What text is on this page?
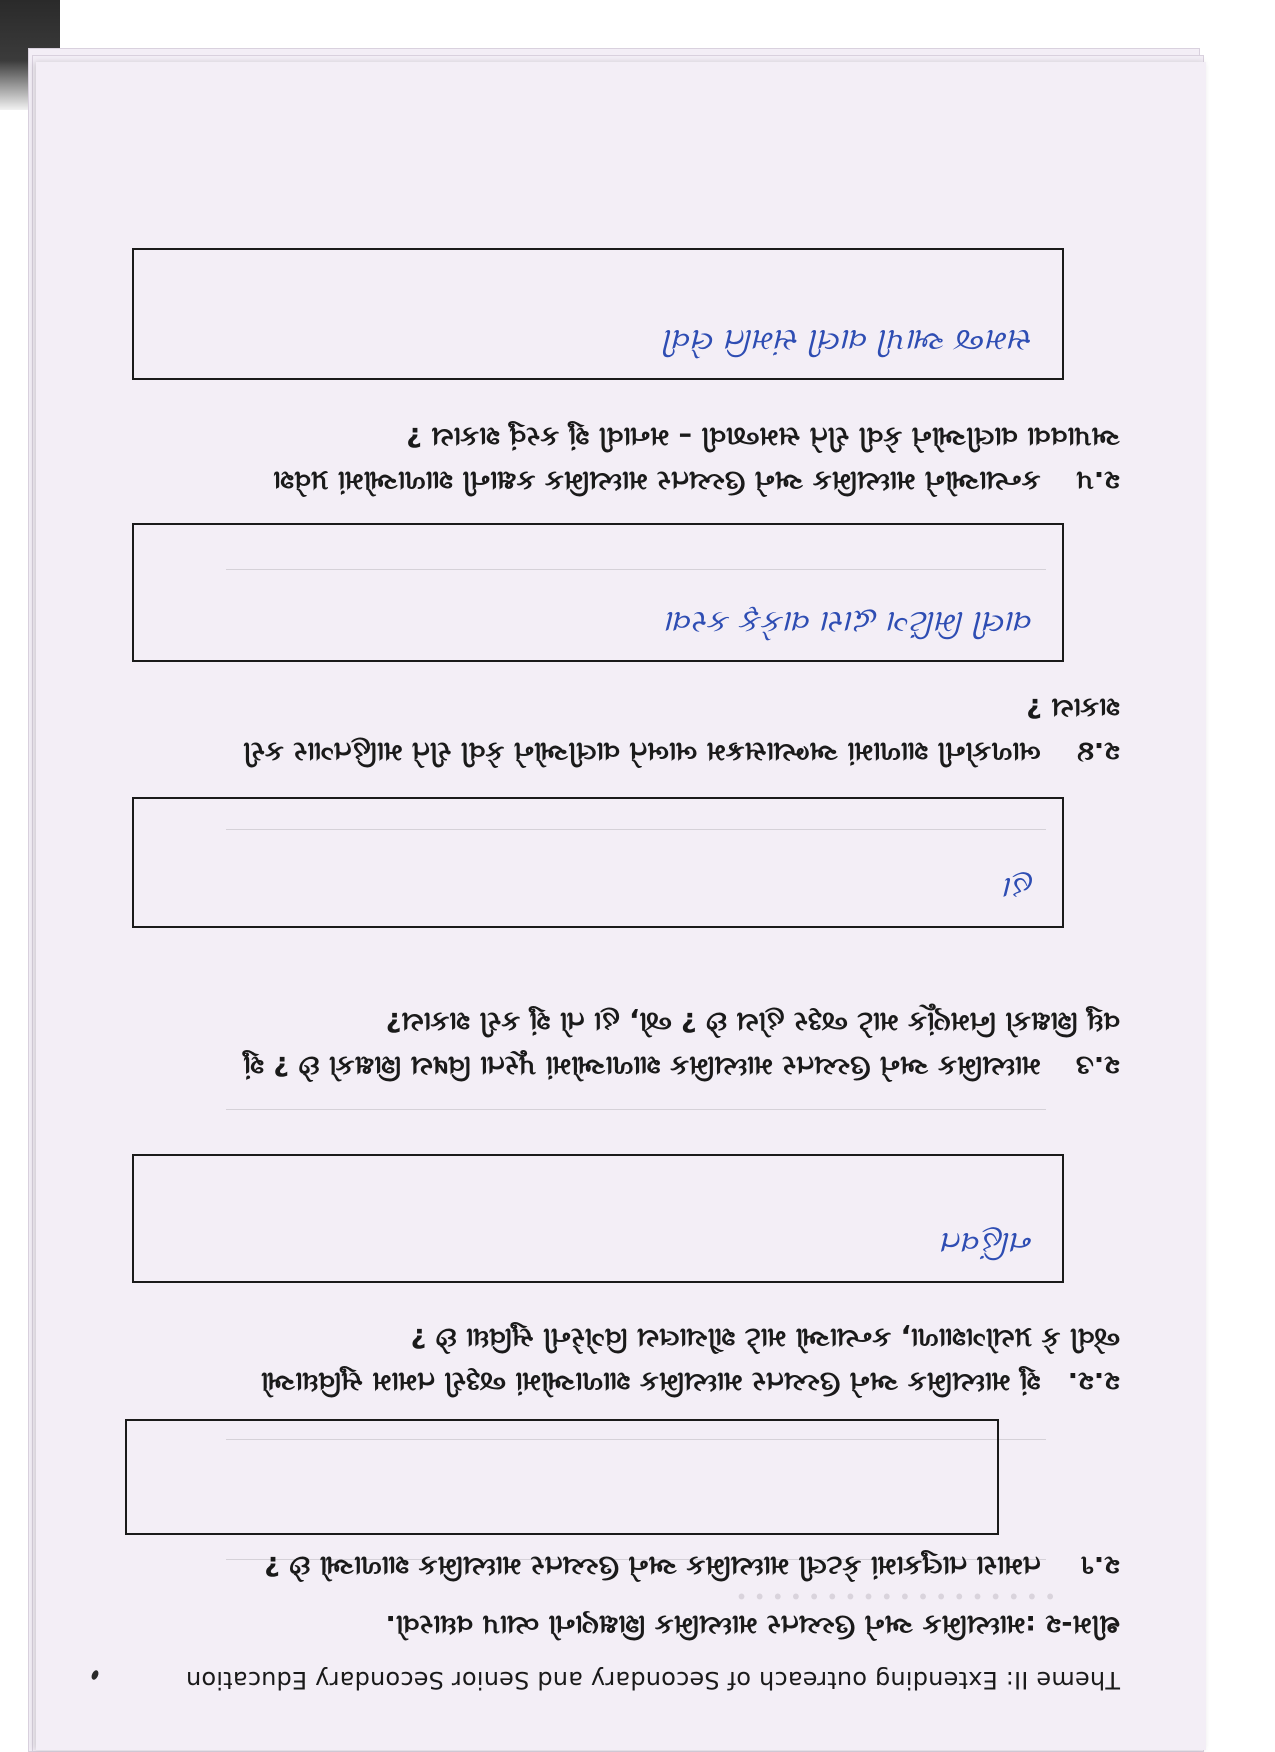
• • • • • • • • • • • • • • • • • •
Theme II: Extending outreach of Secondary and Senior Secondary Education
થીમ-૨ :માધ્યમિક અને ઉચ્ચતર માધ્યમિક શિક્ષણનો વ્યાપ વધારવો.
૨.૧ તમારા તાલુકામાં કેટલી માધ્યમિક અને ઉચ્ચતર માધ્યમિક શાળાઓ છે ?
૨.૨. શું માધ્યમિક અને ઉચ્ચતર માધ્યમિક શાળાઓમાં જરૂરી તમામ સુવિધાઓ જેવી કે પ્રયોગશાળા, કન્યાઓ માટે શૌચાલય વિગેરેની સુવિધા છે ?
નહિંવત
૨.૩ માધ્યમિક અને ઉચ્ચતર માધ્યમિક શાળાઓમાં પૂરતા વિષય શિક્ષકો છે ? શું વધુ શિક્ષકો નિમણૂંક માટે જરૂર હોય છે ? જો, હા તો શું કરી શકાય?
હા
૨.૪ બાળકોની શાળામાં અભ્યાસક્રમ બાબતે વાલીઓને કેવી રીતે માહિતગાર કરી શકાય ?
વાલી મિટિંગ દ્વારા વાકેફ કરવા
૨.૫ કન્યાઓને માધ્યમિક અને ઉચ્ચતર માધ્યમિક કક્ષાની શાળાઓમાં પ્રવેશ અપાવવા વાલીઓને કેવી રીતે સમજાવી – મનાવી શું કરવું શકાય ?
સમજ આપી વાલી સંમતિ લેવી
